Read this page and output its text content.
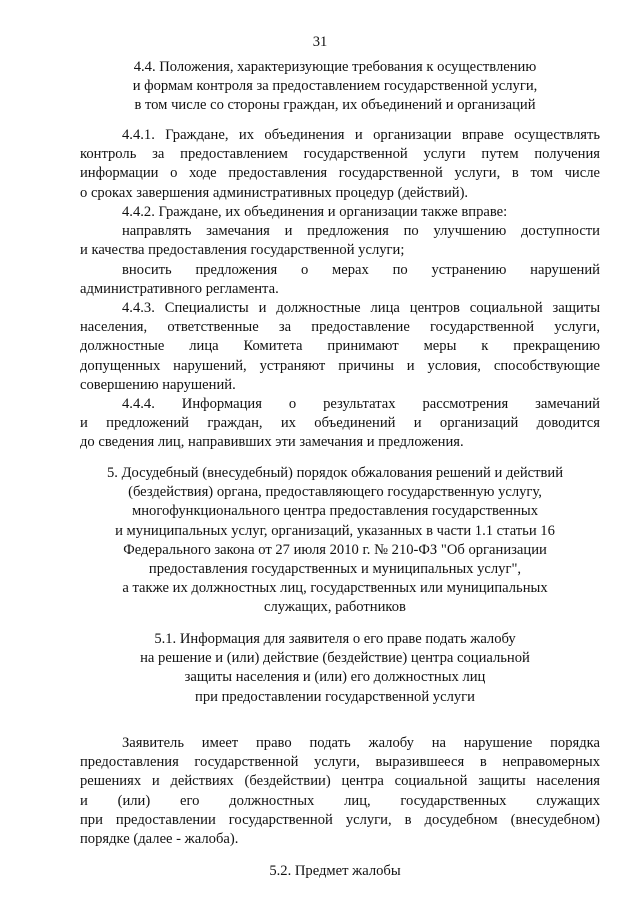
31
4.4. Положения, характеризующие требования к осуществлению
и формам контроля за предоставлением государственной услуги,
в том числе со стороны граждан, их объединений и организаций
4.4.1. Граждане, их объединения и организации вправе осуществлять
контроль за предоставлением государственной услуги путем получения
информации о ходе предоставления государственной услуги, в том числе
о сроках завершения административных процедур (действий).
4.4.2. Граждане, их объединения и организации также вправе:
направлять замечания и предложения по улучшению доступности
и качества предоставления государственной услуги;
вносить предложения о мерах по устранению нарушений
административного регламента.
4.4.3. Специалисты и должностные лица центров социальной защиты
населения, ответственные за предоставление государственной услуги,
должностные лица Комитета принимают меры к прекращению
допущенных нарушений, устраняют причины и условия, способствующие
совершению нарушений.
4.4.4. Информация о результатах рассмотрения замечаний
и предложений граждан, их объединений и организаций доводится
до сведения лиц, направивших эти замечания и предложения.
5. Досудебный (внесудебный) порядок обжалования решений и действий
(бездействия) органа, предоставляющего государственную услугу,
многофункционального центра предоставления государственных
и муниципальных услуг, организаций, указанных в части 1.1 статьи 16
Федерального закона от 27 июля 2010 г. № 210-ФЗ "Об организации
предоставления государственных и муниципальных услуг",
а также их должностных лиц, государственных или муниципальных
служащих, работников
5.1. Информация для заявителя о его праве подать жалобу
на решение и (или) действие (бездействие) центра социальной
защиты населения и (или) его должностных лиц
при предоставлении государственной услуги
Заявитель имеет право подать жалобу на нарушение порядка
предоставления государственной услуги, выразившееся в неправомерных
решениях и действиях (бездействии) центра социальной защиты населения
и (или) его должностных лиц, государственных служащих
при предоставлении государственной услуги, в досудебном (внесудебном)
порядке (далее - жалоба).
5.2. Предмет жалобы
